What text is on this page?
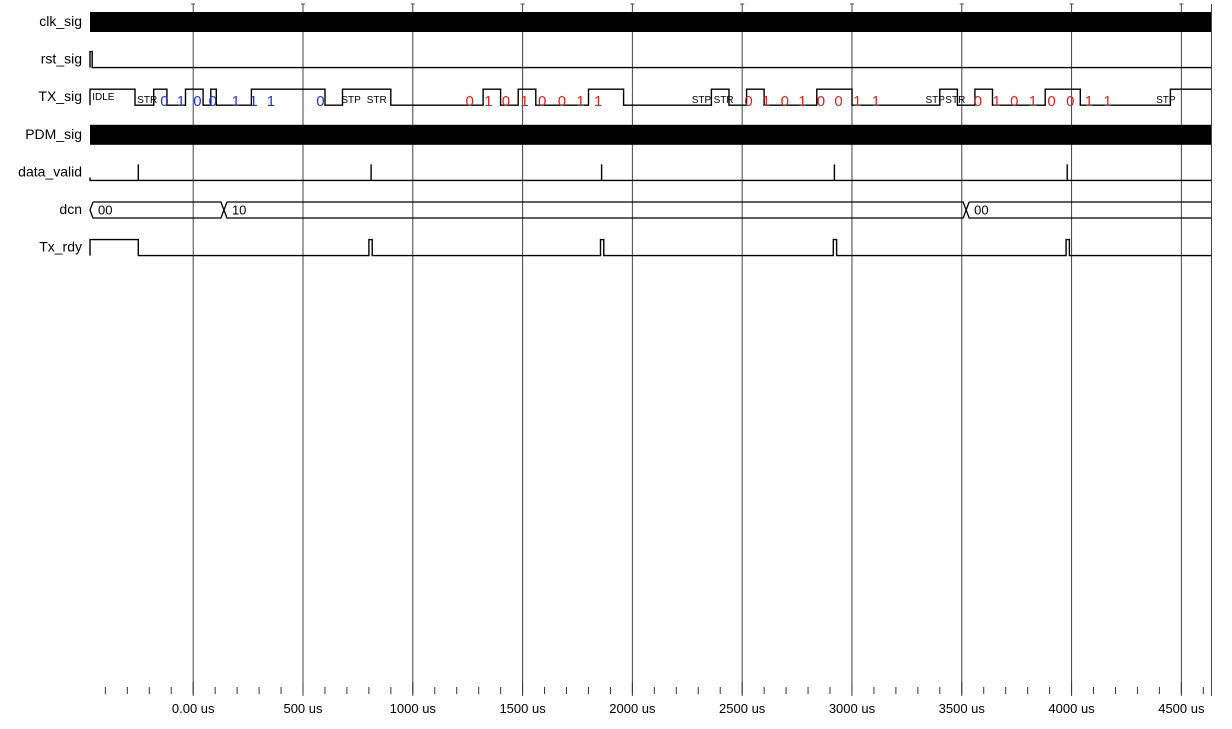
clk_sig
rst_sig
TX_sig
PDM_sig
data_valid
dcn
Tx_rdy
00	10	00
IDLE STR 0 1 0 0 1 1 1	0 STP STR	0 1 0 1 0 0 1 1	STP STR 0 1 0 1 0 0 1 1	STP STR 0 1 0 1 0 0 1 1	STP
0.00 us	500 us	1000 us	1500 us	2000 us	2500 us	3000 us	3500 us	4000 us	4500 us
